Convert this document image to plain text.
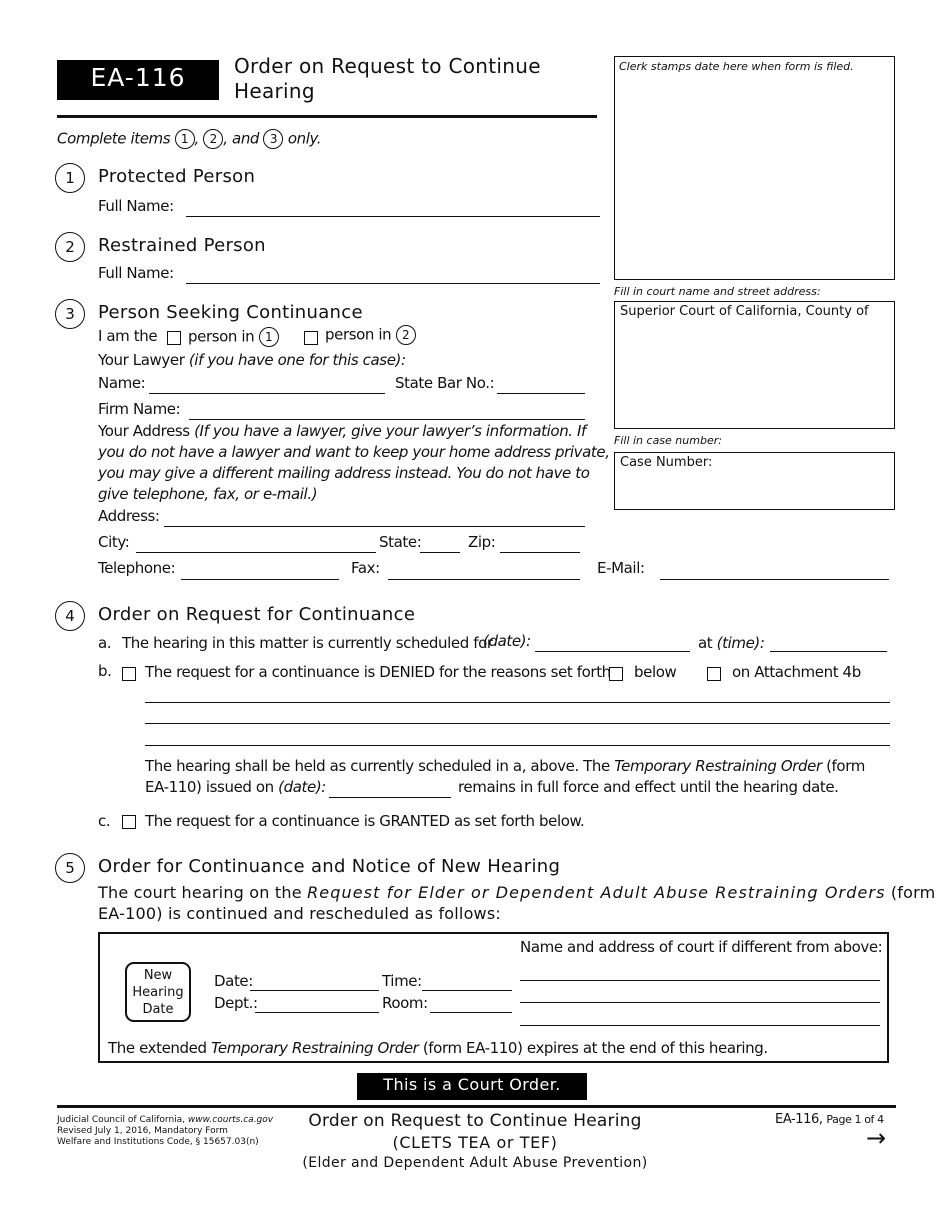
EA-116	Order on Request to Continue
Hearing
Clerk stamps date here when form is filed.
Fill in court name and street address:
Superior Court of California, County of
Fill in case number:
Case Number:
Complete items 1 , 2 , and 3 only.
1	Protected Person
Full Name:
2	Restrained Person
Full Name:
3	Person Seeking Continuance
I am the person in 1	person in 2
Your Lawyer (if you have one for this case):
Name:	State Bar No.:
Firm Name:
Your Address (If you have a lawyer, give your lawyer’s information. If
you do not have a lawyer and want to keep your home address private,
you may give a different mailing address instead. You do not have to
give telephone, fax, or e-mail.)
Address:
City:	State:	Zip:
Telephone:	Fax:	E-Mail:
4	Order on Request for Continuance
a. The hearing in this matter is currently scheduled for
(date):	at (time):
b. The request for a continuance is DENIED for the reasons set forth below	on Attachment 4b
The hearing shall be held as currently scheduled in a, above. The Temporary Restraining Order (form
EA-110) issued on (date):	remains in full force and effect until the hearing date.
c. The request for a continuance is GRANTED as set forth below.
5	Order for Continuance and Notice of New Hearing
The court hearing on the Request for Elder or Dependent Adult Abuse Restraining Orders (form
EA-100) is continued and rescheduled as follows:
New
Hearing
Date
Date:	Time:
Dept.:	Room:
Name and address of court if different from above:
The extended Temporary Restraining Order (form EA-110) expires at the end of this hearing.
This is a Court Order.
Judicial Council of California, www.courts.ca.gov
Revised July 1, 2016, Mandatory Form
Welfare and Institutions Code, § 15657.03(n)
Order on Request to Continue Hearing
(CLETS TEA or TEF)
(Elder and Dependent Adult Abuse Prevention)
EA-116, Page 1 of 4
→
